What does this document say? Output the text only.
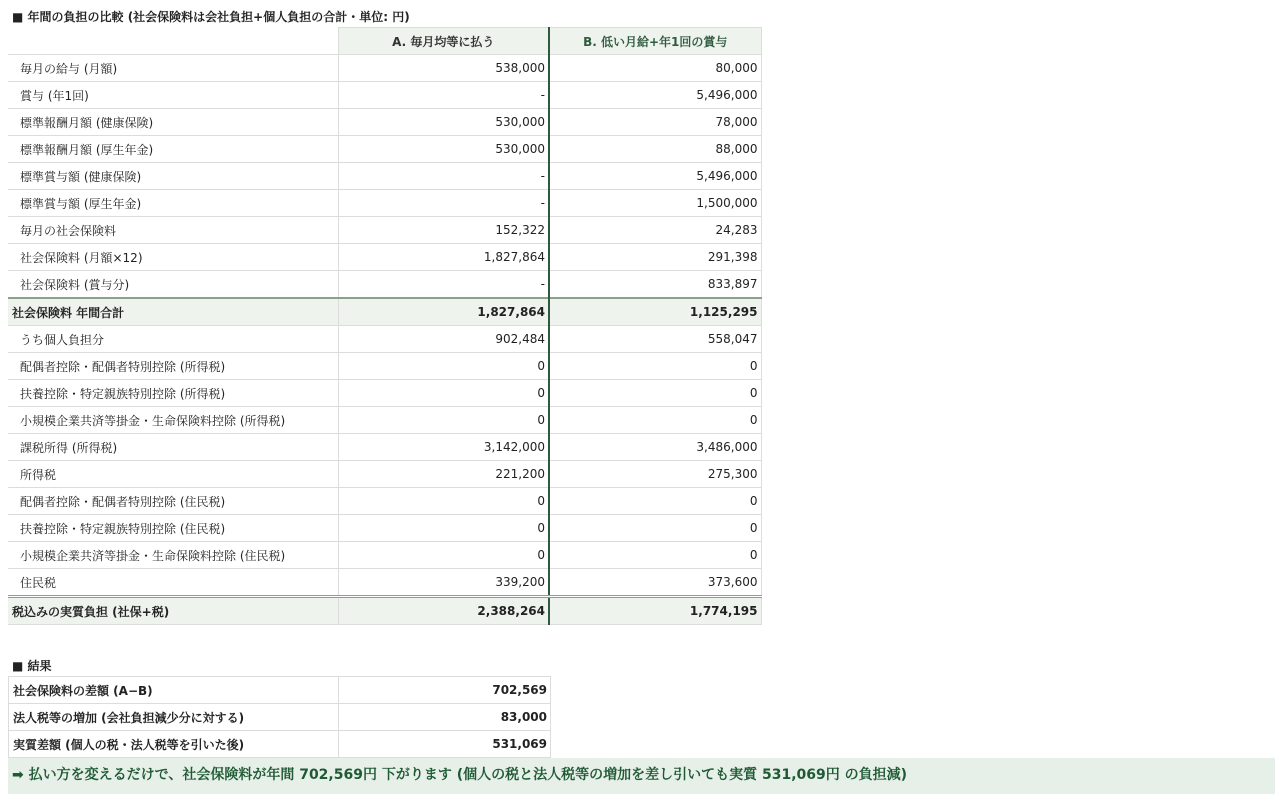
■ 年間の負担の比較 (社会保険料は会社負担+個人負担の合計・単位: 円)
	A. 毎月均等に払う	B. 低い月給+年1回の賞与
毎月の給与 (月額)	538,000	80,000
賞与 (年1回)	-	5,496,000
標準報酬月額 (健康保険)	530,000	78,000
標準報酬月額 (厚生年金)	530,000	88,000
標準賞与額 (健康保険)	-	5,496,000
標準賞与額 (厚生年金)	-	1,500,000
毎月の社会保険料	152,322	24,283
社会保険料 (月額×12)	1,827,864	291,398
社会保険料 (賞与分)	-	833,897
社会保険料 年間合計	1,827,864	1,125,295
うち個人負担分	902,484	558,047
配偶者控除・配偶者特別控除 (所得税)	0	0
扶養控除・特定親族特別控除 (所得税)	0	0
小規模企業共済等掛金・生命保険料控除 (所得税)	0	0
課税所得 (所得税)	3,142,000	3,486,000
所得税	221,200	275,300
配偶者控除・配偶者特別控除 (住民税)	0	0
扶養控除・特定親族特別控除 (住民税)	0	0
小規模企業共済等掛金・生命保険料控除 (住民税)	0	0
住民税	339,200	373,600
税込みの実質負担 (社保+税)	2,388,264	1,774,195
■ 結果
社会保険料の差額 (A−B)	702,569
法人税等の増加 (会社負担減少分に対する)	83,000
実質差額 (個人の税・法人税等を引いた後)	531,069
➡ 払い方を変えるだけで、社会保険料が年間 702,569円 下がります (個人の税と法人税等の増加を差し引いても実質 531,069円 の負担減)
